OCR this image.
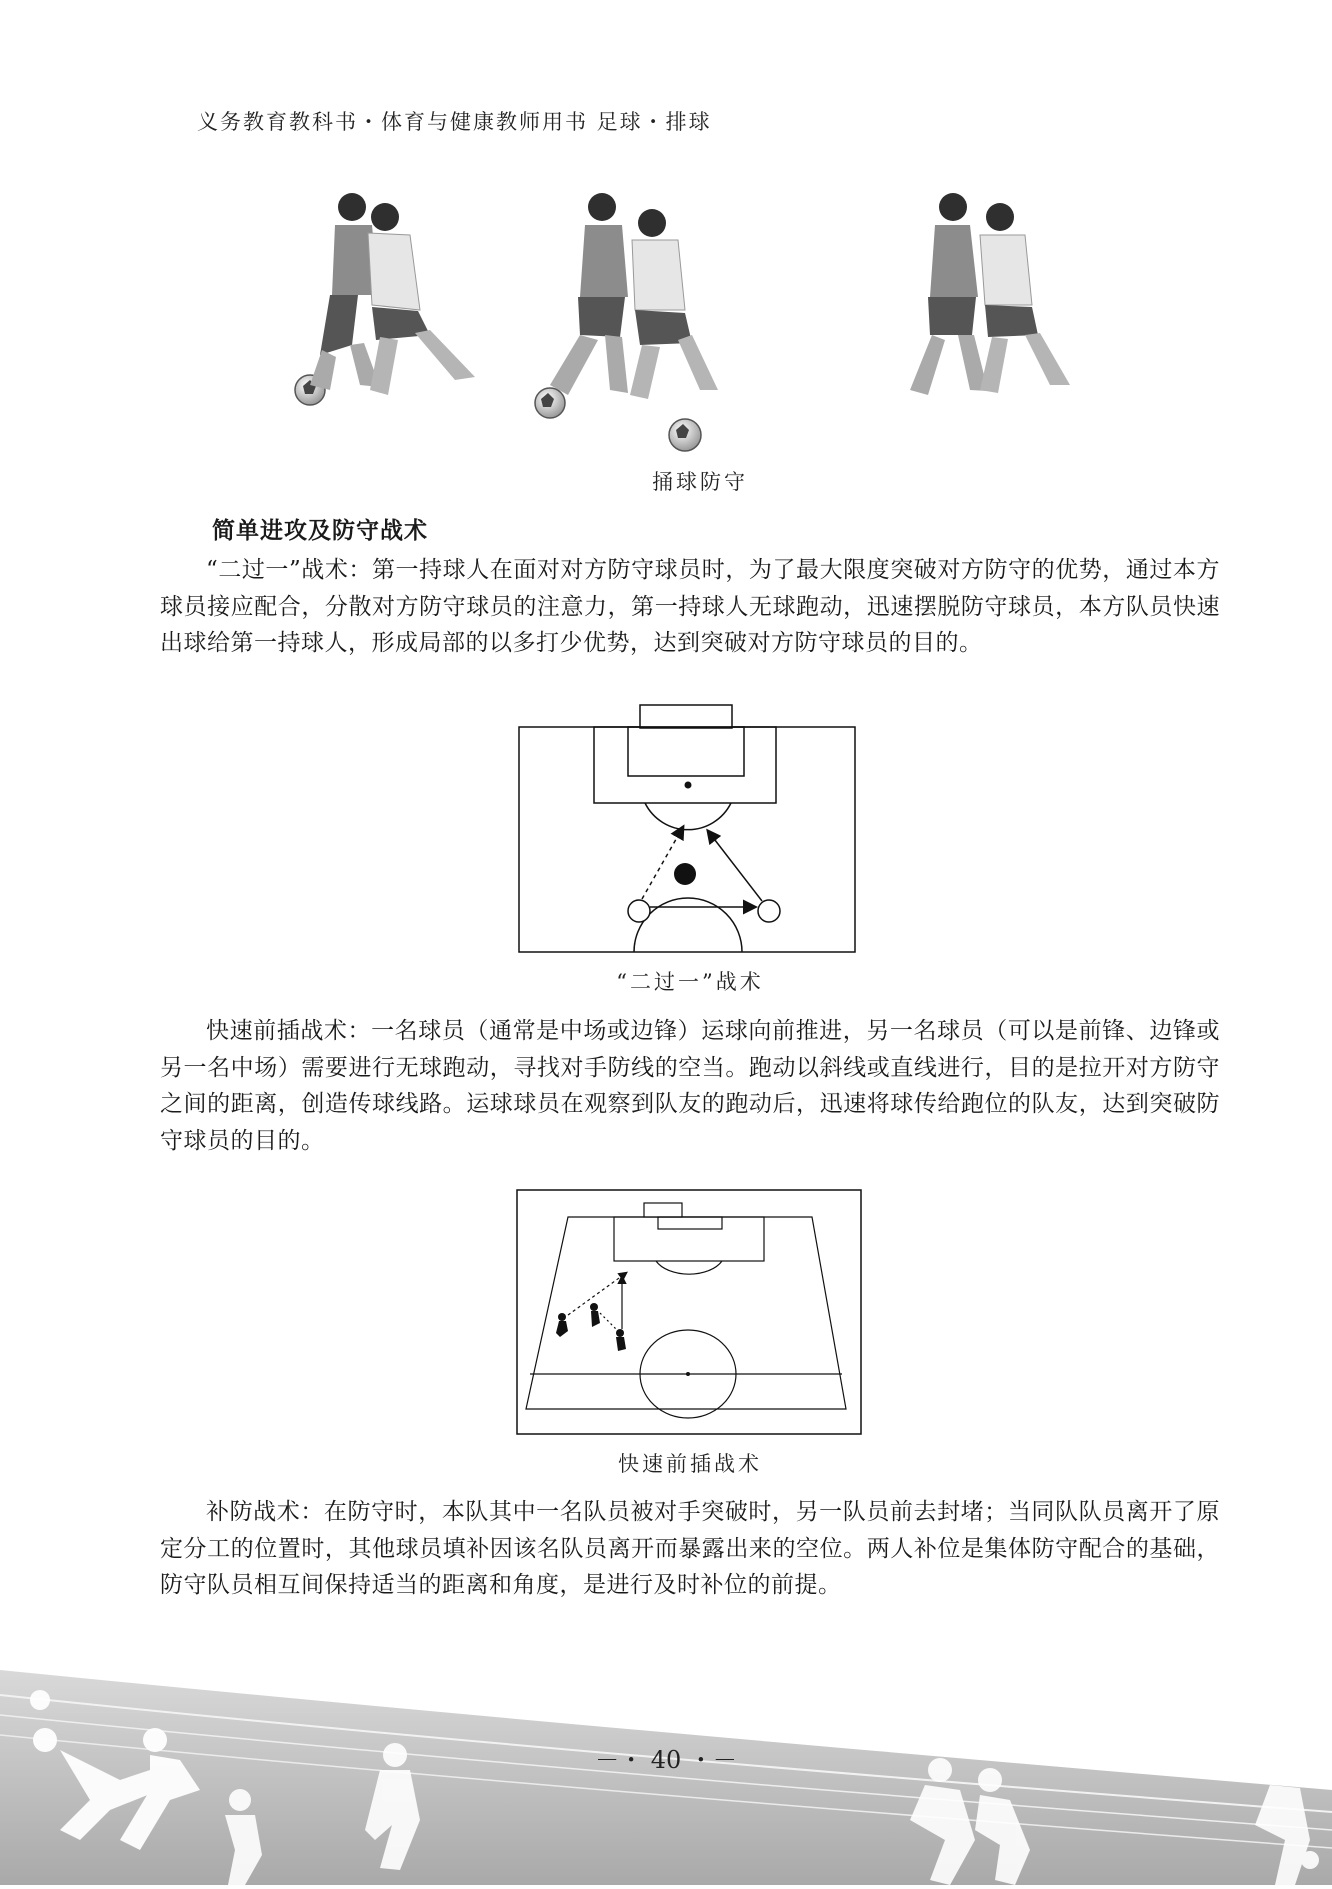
义务教育教科书・体育与健康教师用书 足球・排球
捅球防守
简单进攻及防守战术
“二过一”战术：第一持球人在面对对方防守球员时，为了最大限度突破对方防守的优势，通过本方球员接应配合，分散对方防守球员的注意力，第一持球人无球跑动，迅速摆脱防守球员，本方队员快速出球给第一持球人，形成局部的以多打少优势，达到突破对方防守球员的目的。
“二过一”战术
快速前插战术：一名球员（通常是中场或边锋）运球向前推进，另一名球员（可以是前锋、边锋或另一名中场）需要进行无球跑动，寻找对手防线的空当。跑动以斜线或直线进行，目的是拉开对方防守之间的距离，创造传球线路。运球球员在观察到队友的跑动后，迅速将球传给跑位的队友，达到突破防守球员的目的。
快速前插战术
补防战术：在防守时，本队其中一名队员被对手突破时，另一队员前去封堵；当同队队员离开了原定分工的位置时，其他球员填补因该名队员离开而暴露出来的空位。两人补位是集体防守配合的基础，防守队员相互间保持适当的距离和角度，是进行及时补位的前提。
－・ 40 ・－
